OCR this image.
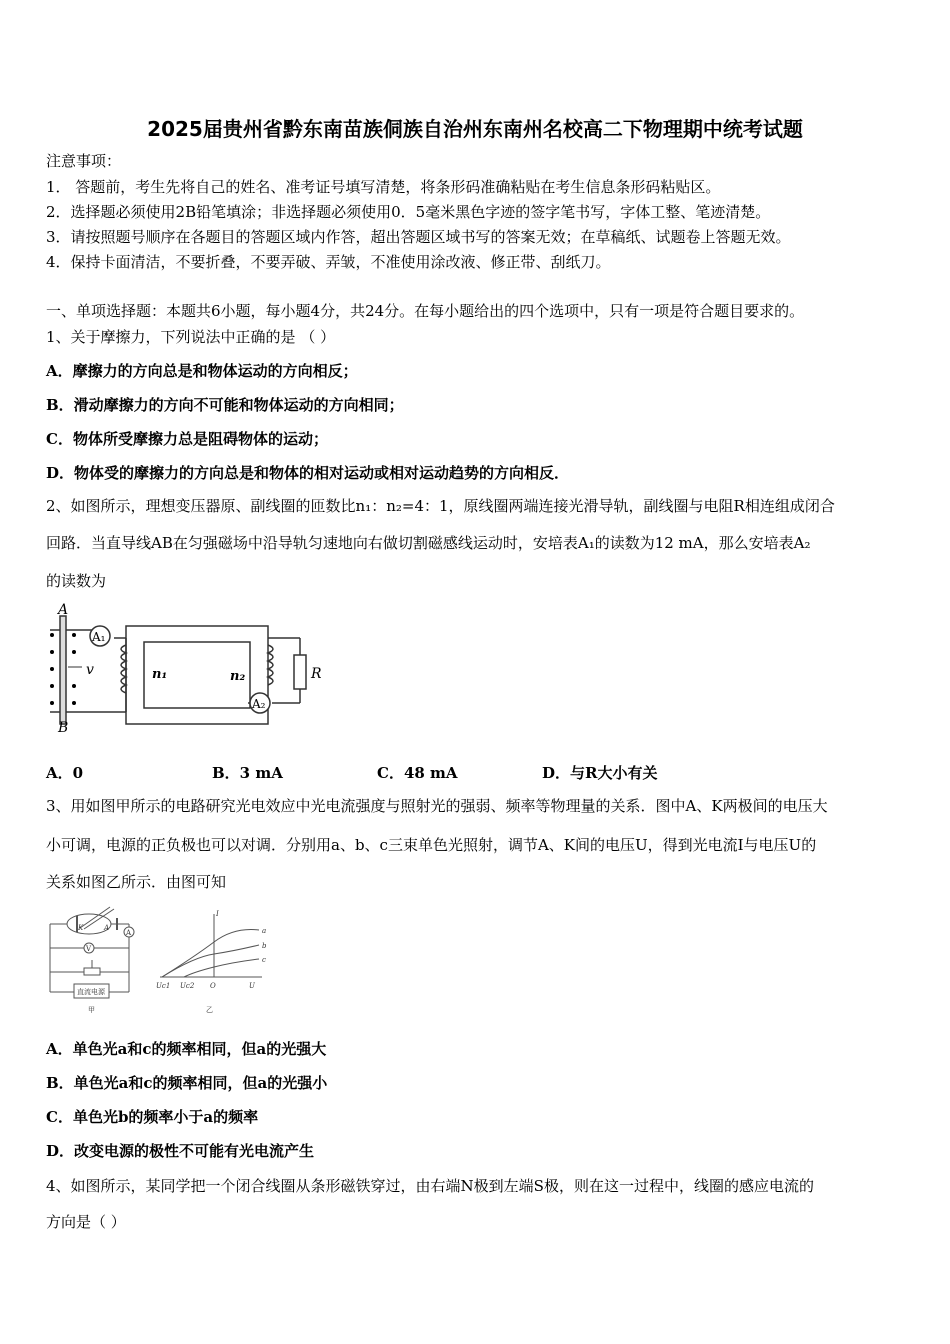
2025届贵州省黔东南苗族侗族自治州东南州名校高二下物理期中统考试题
注意事项：
1． 答题前，考生先将自己的姓名、准考证号填写清楚，将条形码准确粘贴在考生信息条形码粘贴区。
2．选择题必须使用2B铅笔填涂；非选择题必须使用0．5毫米黑色字迹的签字笔书写，字体工整、笔迹清楚。
3．请按照题号顺序在各题目的答题区域内作答，超出答题区域书写的答案无效；在草稿纸、试题卷上答题无效。
4．保持卡面清洁，不要折叠，不要弄破、弄皱，不准使用涂改液、修正带、刮纸刀。
一、单项选择题：本题共6小题，每小题4分，共24分。在每小题给出的四个选项中，只有一项是符合题目要求的。
1、关于摩擦力，下列说法中正确的是 （ ）
A．摩擦力的方向总是和物体运动的方向相反；
B．滑动摩擦力的方向不可能和物体运动的方向相同；
C．物体所受摩擦力总是阻碍物体的运动；
D．物体受的摩擦力的方向总是和物体的相对运动或相对运动趋势的方向相反．
2、如图所示，理想变压器原、副线圈的匝数比n₁：n₂=4：1，原线圈两端连接光滑导轨，副线圈与电阻R相连组成闭合
回路．当直导线AB在匀强磁场中沿导轨匀速地向右做切割磁感线运动时，安培表A₁的读数为12 mA，那么安培表A₂
的读数为
A
B
v
A₁
A₂
n₁	n₂	R
A．0	B．3 mA	C．48 mA	D．与R大小有关
3、用如图甲所示的电路研究光电效应中光电流强度与照射光的强弱、频率等物理量的关系．图中A、K两极间的电压大
小可调，电源的正负极也可以对调．分别用a、b、c三束单色光照射，调节A、K间的电压U，得到光电流I与电压U的
关系如图乙所示．由图可知
K	A
A
V
直流电源
甲	乙
I
U
O
Uc1 Uc2
a
b
c
A．单色光a和c的频率相同，但a的光强大
B．单色光a和c的频率相同，但a的光强小
C．单色光b的频率小于a的频率
D．改变电源的极性不可能有光电流产生
4、如图所示，某同学把一个闭合线圈从条形磁铁穿过，由右端N极到左端S极，则在这一过程中，线圈的感应电流的
方向是（ ）
